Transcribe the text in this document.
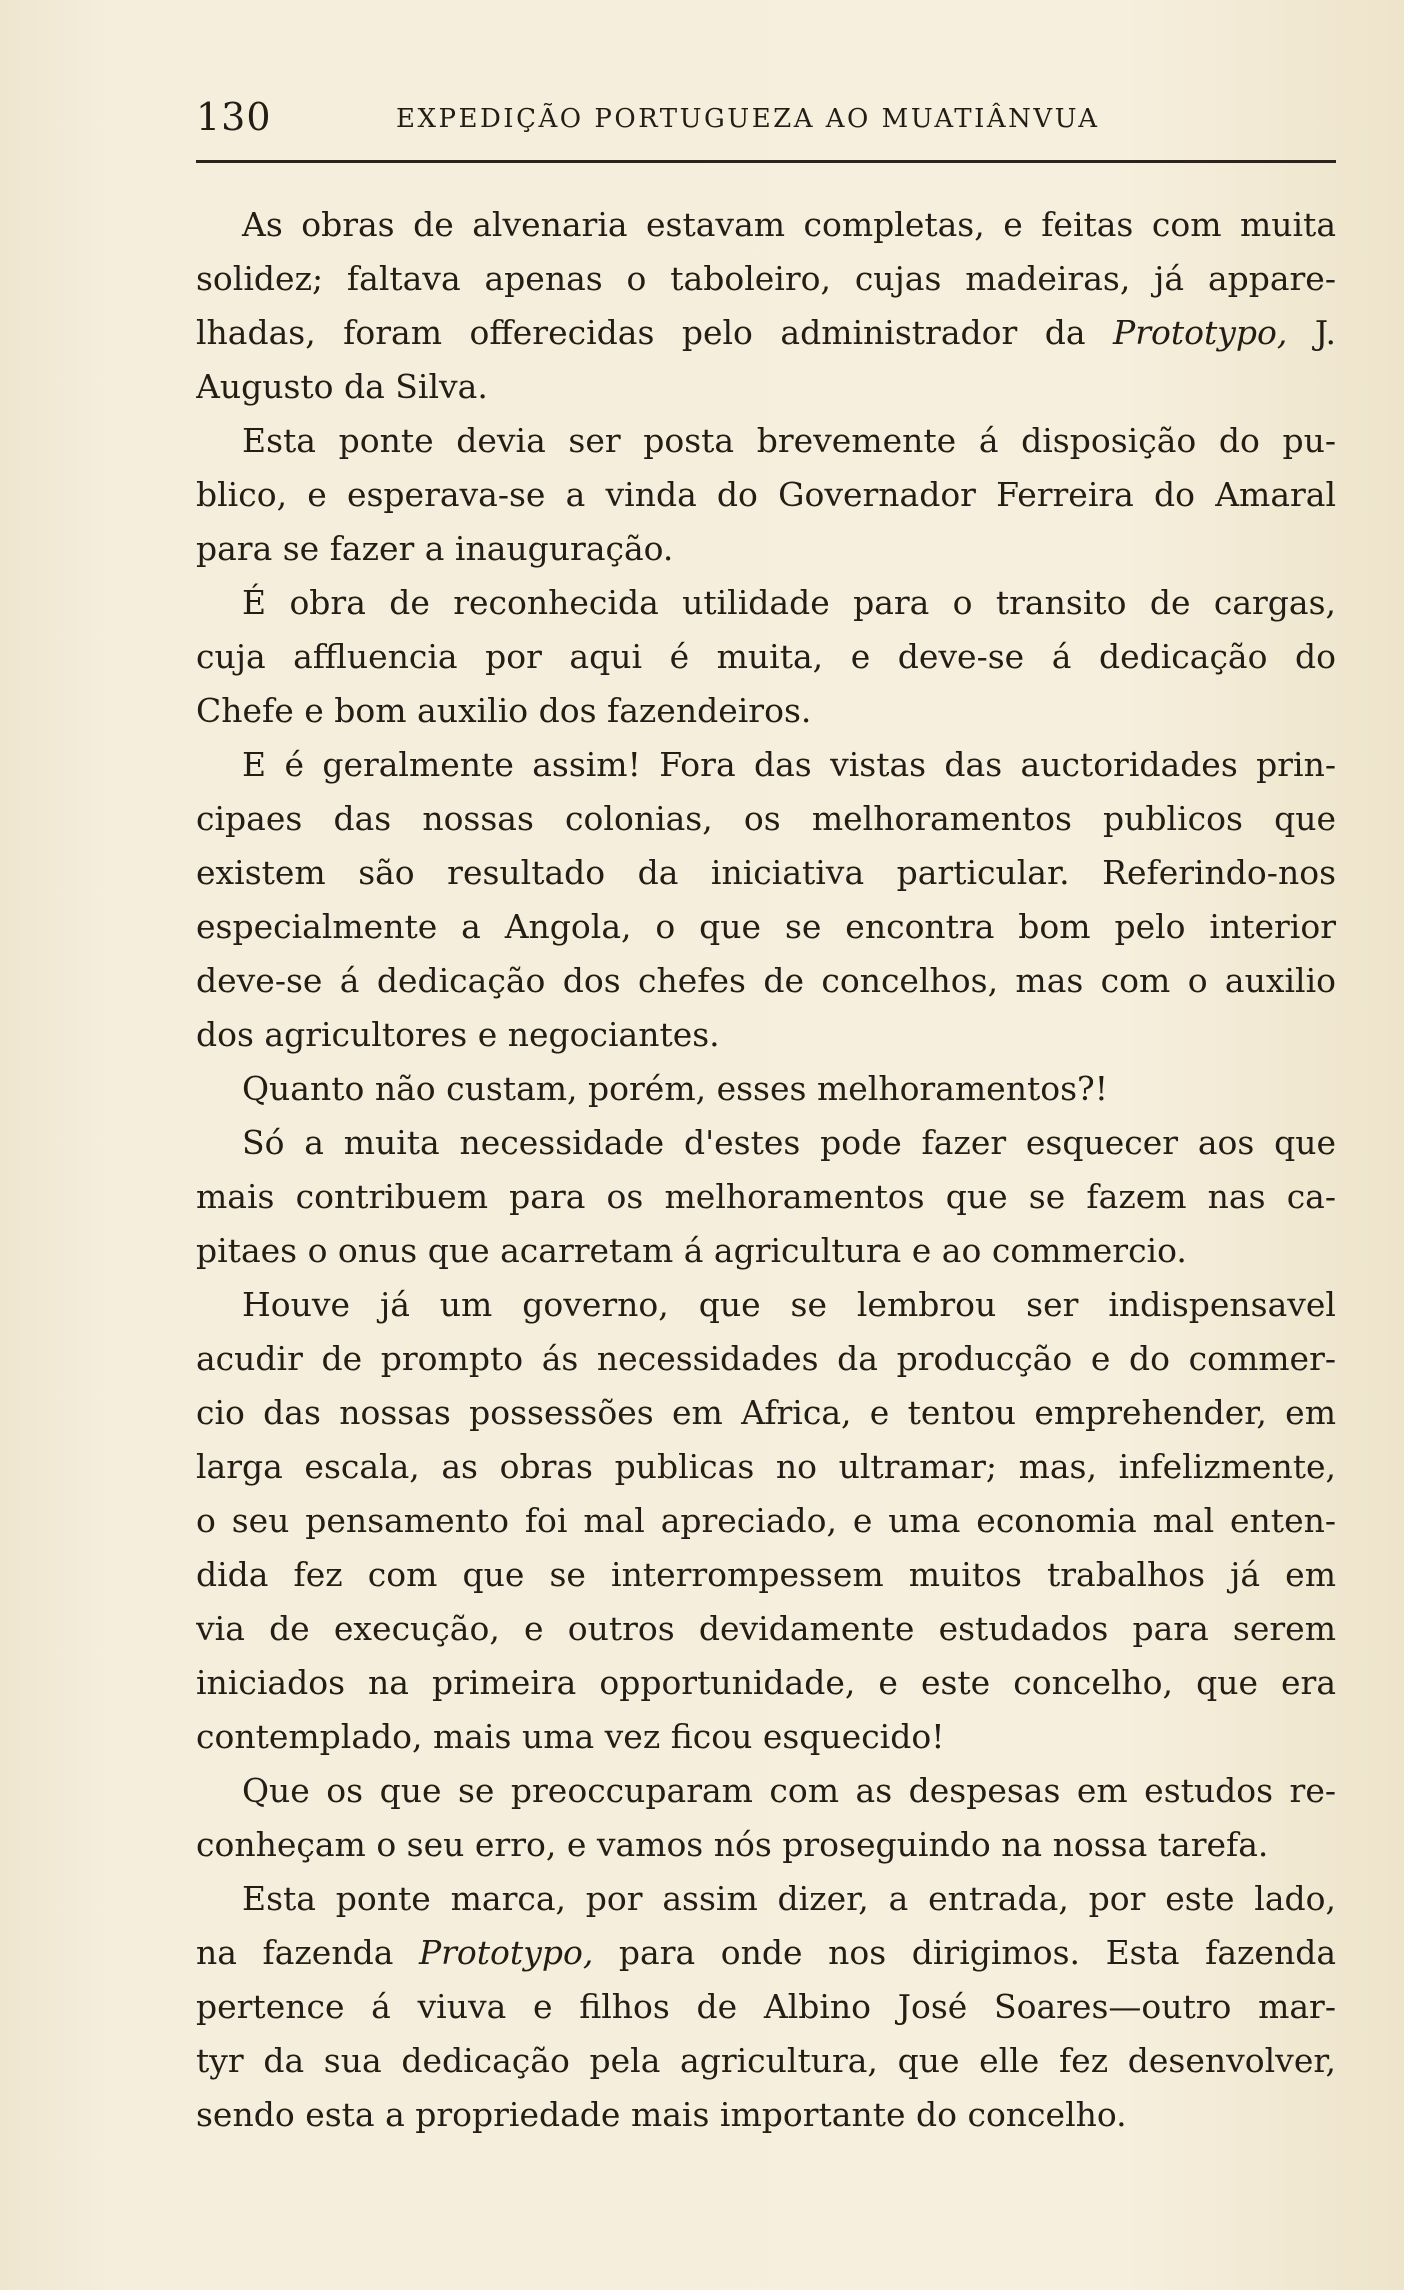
130	EXPEDIÇÃO PORTUGUEZA AO MUATIÂNVUA
As obras de alvenaria estavam completas, e feitas com muita
solidez; faltava apenas o taboleiro, cujas madeiras, já appare-
lhadas, foram offerecidas pelo administrador da Prototypo, J.
Augusto da Silva.
Esta ponte devia ser posta brevemente á disposição do pu-
blico, e esperava-se a vinda do Governador Ferreira do Amaral
para se fazer a inauguração.
É obra de reconhecida utilidade para o transito de cargas,
cuja affluencia por aqui é muita, e deve-se á dedicação do
Chefe e bom auxilio dos fazendeiros.
E é geralmente assim! Fora das vistas das auctoridades prin-
cipaes das nossas colonias, os melhoramentos publicos que
existem são resultado da iniciativa particular. Referindo-nos
especialmente a Angola, o que se encontra bom pelo interior
deve-se á dedicação dos chefes de concelhos, mas com o auxilio
dos agricultores e negociantes.
Quanto não custam, porém, esses melhoramentos?!
Só a muita necessidade d'estes pode fazer esquecer aos que
mais contribuem para os melhoramentos que se fazem nas ca-
pitaes o onus que acarretam á agricultura e ao commercio.
Houve já um governo, que se lembrou ser indispensavel
acudir de prompto ás necessidades da producção e do commer-
cio das nossas possessões em Africa, e tentou emprehender, em
larga escala, as obras publicas no ultramar; mas, infelizmente,
o seu pensamento foi mal apreciado, e uma economia mal enten-
dida fez com que se interrompessem muitos trabalhos já em
via de execução, e outros devidamente estudados para serem
iniciados na primeira opportunidade, e este concelho, que era
contemplado, mais uma vez ficou esquecido!
Que os que se preoccuparam com as despesas em estudos re-
conheçam o seu erro, e vamos nós proseguindo na nossa tarefa.
Esta ponte marca, por assim dizer, a entrada, por este lado,
na fazenda Prototypo, para onde nos dirigimos. Esta fazenda
pertence á viuva e filhos de Albino José Soares—outro mar-
tyr da sua dedicação pela agricultura, que elle fez desenvolver,
sendo esta a propriedade mais importante do concelho.
